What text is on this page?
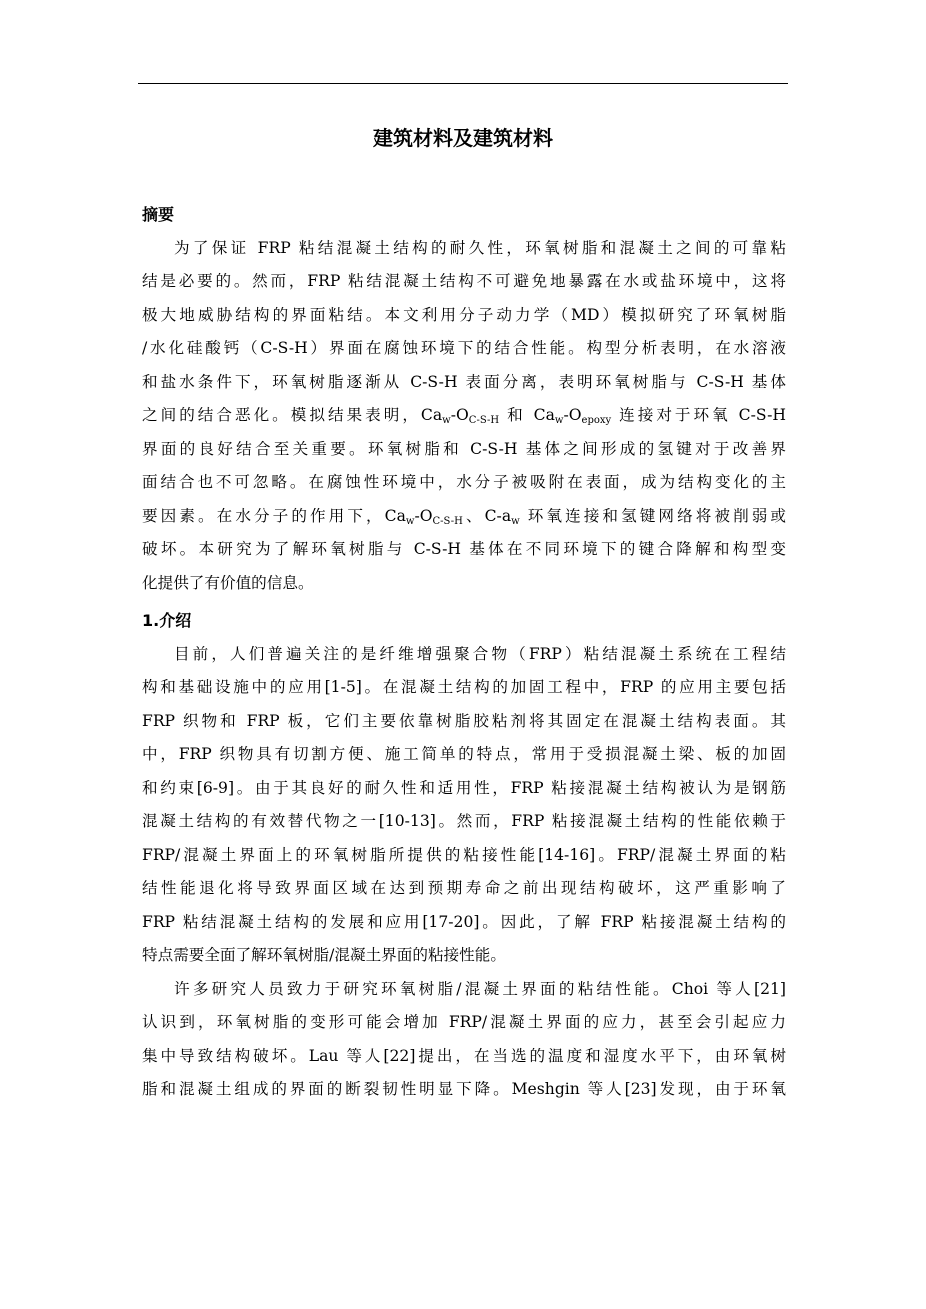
建筑材料及建筑材料
摘要
为了保证 FRP 粘结混凝土结构的耐久性，环氧树脂和混凝土之间的可靠粘
结是必要的。然而，FRP 粘结混凝土结构不可避免地暴露在水或盐环境中，这将
极大地威胁结构的界面粘结。本文利用分子动力学（MD）模拟研究了环氧树脂
/水化硅酸钙（C-S-H）界面在腐蚀环境下的结合性能。构型分析表明，在水溶液
和盐水条件下，环氧树脂逐渐从 C-S-H 表面分离，表明环氧树脂与 C-S-H 基体
之间的结合恶化。模拟结果表明，$Ca_w-O_{C-S-H}$ 和 $Ca_w-O_{epoxy}$ 连接对于环氧 C-S-H
界面的良好结合至关重要。环氧树脂和 C-S-H 基体之间形成的氢键对于改善界
面结合也不可忽略。在腐蚀性环境中，水分子被吸附在表面，成为结构变化的主
要因素。在水分子的作用下，$Ca_w-O_{C-S-H}$、$C-a_w$ 环氧连接和氢键网络将被削弱或
破坏。本研究为了解环氧树脂与 C-S-H 基体在不同环境下的键合降解和构型变
化提供了有价值的信息。
1.介绍
目前，人们普遍关注的是纤维增强聚合物（FRP）粘结混凝土系统在工程结
构和基础设施中的应用[1-5]。在混凝土结构的加固工程中，FRP 的应用主要包括
FRP 织物和 FRP 板，它们主要依靠树脂胶粘剂将其固定在混凝土结构表面。其
中，FRP 织物具有切割方便、施工简单的特点，常用于受损混凝土梁、板的加固
和约束[6-9]。由于其良好的耐久性和适用性，FRP 粘接混凝土结构被认为是钢筋
混凝土结构的有效替代物之一[10-13]。然而，FRP 粘接混凝土结构的性能依赖于
FRP/混凝土界面上的环氧树脂所提供的粘接性能[14-16]。FRP/混凝土界面的粘
结性能退化将导致界面区域在达到预期寿命之前出现结构破坏，这严重影响了
FRP 粘结混凝土结构的发展和应用[17-20]。因此，了解 FRP 粘接混凝土结构的
特点需要全面了解环氧树脂/混凝土界面的粘接性能。
许多研究人员致力于研究环氧树脂/混凝土界面的粘结性能。Choi 等人[21]
认识到，环氧树脂的变形可能会增加 FRP/混凝土界面的应力，甚至会引起应力
集中导致结构破坏。Lau 等人[22]提出，在当选的温度和湿度水平下，由环氧树
脂和混凝土组成的界面的断裂韧性明显下降。Meshgin 等人[23]发现，由于环氧
